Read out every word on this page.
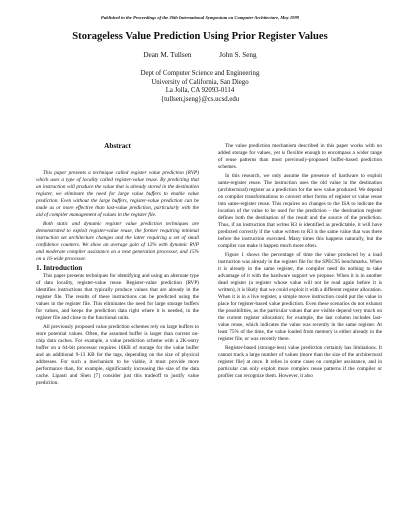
Published in the Proceedings of the 26th International Symposium on Computer Architecture, May 1999
Storageless Value Prediction Using Prior Register Values
Dean M. Tullsen	John S. Seng
Dept of Computer Science and Engineering
University of California, San Diego
La Jolla, CA 92093-0114
{tullsen,jseng}@cs.ucsd.edu
Abstract

This paper presents a technique called register value prediction (RVP) which uses a type of locality called register-value reuse. By predicting that an instruction will produce the value that is already stored in the destination register, we eliminate the need for large value buffers to enable value prediction. Even without the large buffers, register-value prediction can be made as or more effective than last-value prediction, particularly with the aid of compiler management of values in the register file.

Both static and dynamic register value prediction techniques are demonstrated to exploit register-value reuse, the former requiring minimal instruction set architecture changes and the latter requiring a set of small confidence counters. We show an average gain of 12% with dynamic RVP and moderate compiler assistance on a next generation processor, and 15% on a 16-wide processor.

1. Introduction

This paper presents techniques for identifying and using an alternate type of data locality, register-value reuse. Register-value prediction (RVP) identifies instructions that typically produce values that are already in the register file. The results of these instructions can be predicted using the values in the register file. This eliminates the need for large storage buffers for values, and keeps the prediction data right where it is needed, in the register file and close to the functional units.

All previously proposed value prediction schemes rely on large buffers to store potential values. Often, the assumed buffer is larger than current on-chip data caches. For example, a value prediction scheme with a 2K-entry buffer on a 64-bit processor requires 16KB of storage for the value buffer and an additional 9-13 KB for the tags, depending on the size of physical addresses. For such a mechanism to be viable, it must provide more performance than, for example, significantly increasing the size of the data cache. Lipasti and Shen [7] consider just this tradeoff to justify value prediction.

The value prediction mechanism described in this paper works with no added storage for values, yet is flexible enough to encompass a wider range of reuse patterns than most previously-proposed buffer-based prediction schemes.

In this research, we only assume the presence of hardware to exploit same-register reuse. The instruction uses the old value in the destination (architectural) register as a prediction for the new value produced. We depend on compiler transformations to convert other forms of register or value reuse into same-register reuse. This requires no changes to the ISA to indicate the location of the value to be used for the prediction – the destination register defines both the destination of the result and the source of the prediction. Thus, if an instruction that writes R3 is identified as predictable, it will have predicted correctly if the value written to R3 is the same value that was there before the instruction executed. Many times this happens naturally, but the compiler can make it happen much more often.

Figure 1 shows the percentage of time the value produced by a load instruction was already in the register file for the SPEC95 benchmarks. When it is already in the same register, the compiler need do nothing to take advantage of it with the hardware support we propose. When it is in another dead register (a register whose value will not be read again before it is written), it is likely that we could exploit it with a different register allocation. When it is in a live register, a simple move instruction could put the value in place for register-based value prediction. Even these scenarios do not exhaust the possibilities, as the particular values that are visible depend very much on the current register allocation; for example, the last column includes last-value reuse, which indicates the value was recently in the same register. At least 75% of the time, the value loaded from memory is either already in the register file, or was recently there.

Register-based (storage-less) value prediction certainly has limitations. It cannot track a large number of values (more than the size of the architectural register file) at once. It relies in some cases on compiler assistance, and in particular can only exploit more complex reuse patterns if the compiler or profiler can recognize them. However, it also
